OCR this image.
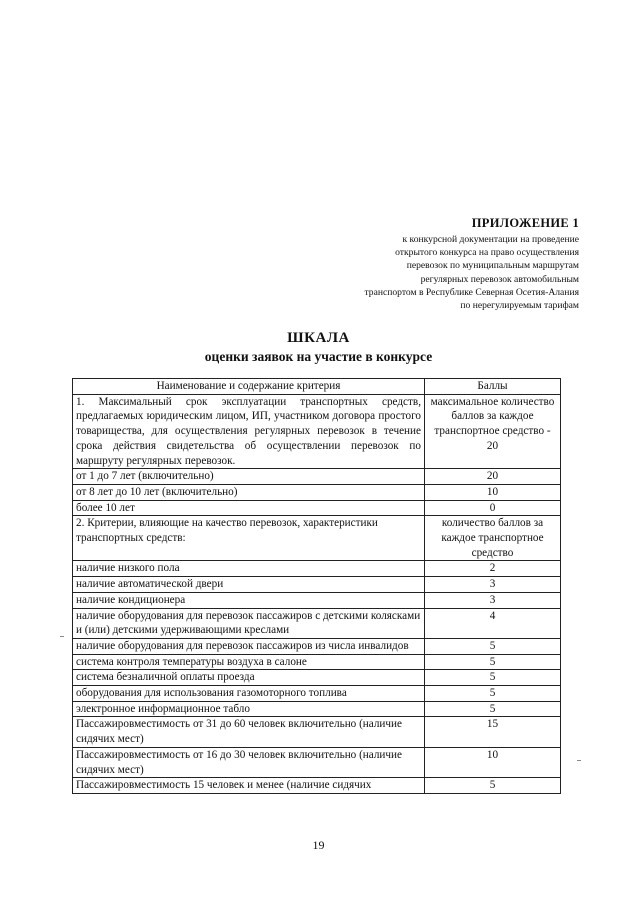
ПРИЛОЖЕНИЕ 1
к конкурсной документации на проведение
открытого конкурса на право осуществления
перевозок по муниципальным маршрутам
регулярных перевозок автомобильным
транспортом в Республике Северная Осетия-Алания
по нерегулируемым тарифам
ШКАЛА
оценки заявок на участие в конкурсе
Наименование и содержание критерия	Баллы
1. Максимальный срок эксплуатации транспортных средств, предлагаемых юридическим лицом, ИП, участником договора простого товарищества, для осуществления регулярных перевозок в течение срока действия свидетельства об осуществлении перевозок по маршруту регулярных перевозок.	максимальное количество баллов за каждое транспортное средство - 20
от 1 до 7 лет (включительно)	20
от 8 лет до 10 лет (включительно)	10
более 10 лет	0
2. Критерии, влияющие на качество перевозок, характеристики транспортных средств:	количество баллов за каждое транспортное средство
наличие низкого пола	2
наличие автоматической двери	3
наличие кондиционера	3
наличие оборудования для перевозок пассажиров с детскими колясками и (или) детскими удерживающими креслами	4
наличие оборудования для перевозок пассажиров из числа инвалидов	5
система контроля температуры воздуха в салоне	5
система безналичной оплаты проезда	5
оборудования для использования газомоторного топлива	5
электронное информационное табло	5
Пассажировместимость от 31 до 60 человек включительно (наличие сидячих мест)	15
Пассажировместимость от 16 до 30 человек включительно (наличие сидячих мест)	10
Пассажировместимость 15 человек и менее (наличие сидячих	5
19
